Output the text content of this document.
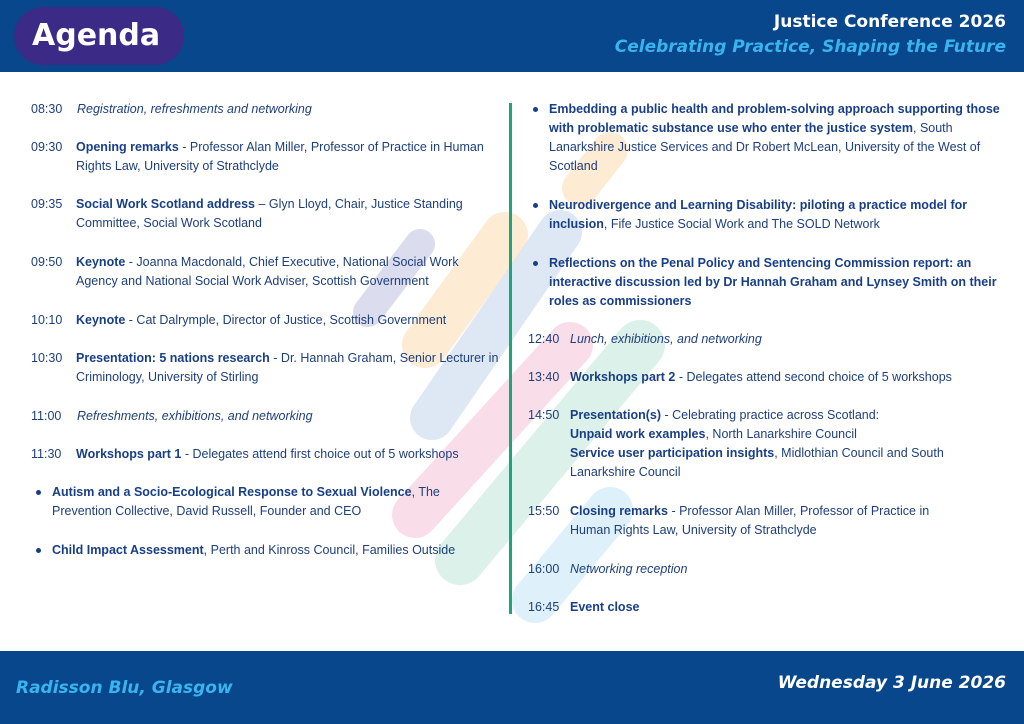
Agenda	Justice Conference 2026
Celebrating Practice, Shaping the Future
08:30 Registration, refreshments and networking
09:30 Opening remarks - Professor Alan Miller, Professor of Practice in Human Rights Law, University of Strathclyde
09:35 Social Work Scotland address – Glyn Lloyd, Chair, Justice Standing Committee, Social Work Scotland
09:50 Keynote - Joanna Macdonald, Chief Executive, National Social Work Agency and National Social Work Adviser, Scottish Government
10:10 Keynote - Cat Dalrymple, Director of Justice, Scottish Government
10:30 Presentation: 5 nations research - Dr. Hannah Graham, Senior Lecturer in Criminology, University of Stirling
11:00 Refreshments, exhibitions, and networking
11:30 Workshops part 1 - Delegates attend first choice out of 5 workshops
Autism and a Socio-Ecological Response to Sexual Violence, The Prevention Collective, David Russell, Founder and CEO
Child Impact Assessment, Perth and Kinross Council, Families Outside
Embedding a public health and problem-solving approach supporting those with problematic substance use who enter the justice system, South Lanarkshire Justice Services and Dr Robert McLean, University of the West of Scotland
Neurodivergence and Learning Disability: piloting a practice model for inclusion, Fife Justice Social Work and The SOLD Network
Reflections on the Penal Policy and Sentencing Commission report: an interactive discussion led by Dr Hannah Graham and Lynsey Smith on their roles as commissioners
12:40 Lunch, exhibitions, and networking
13:40 Workshops part 2 - Delegates attend second choice of 5 workshops
14:50 Presentation(s) - Celebrating practice across Scotland:
Unpaid work examples, North Lanarkshire Council
Service user participation insights, Midlothian Council and South Lanarkshire Council
15:50 Closing remarks - Professor Alan Miller, Professor of Practice in Human Rights Law, University of Strathclyde
16:00 Networking reception
16:45 Event close
Radisson Blu, Glasgow	Wednesday 3 June 2026
